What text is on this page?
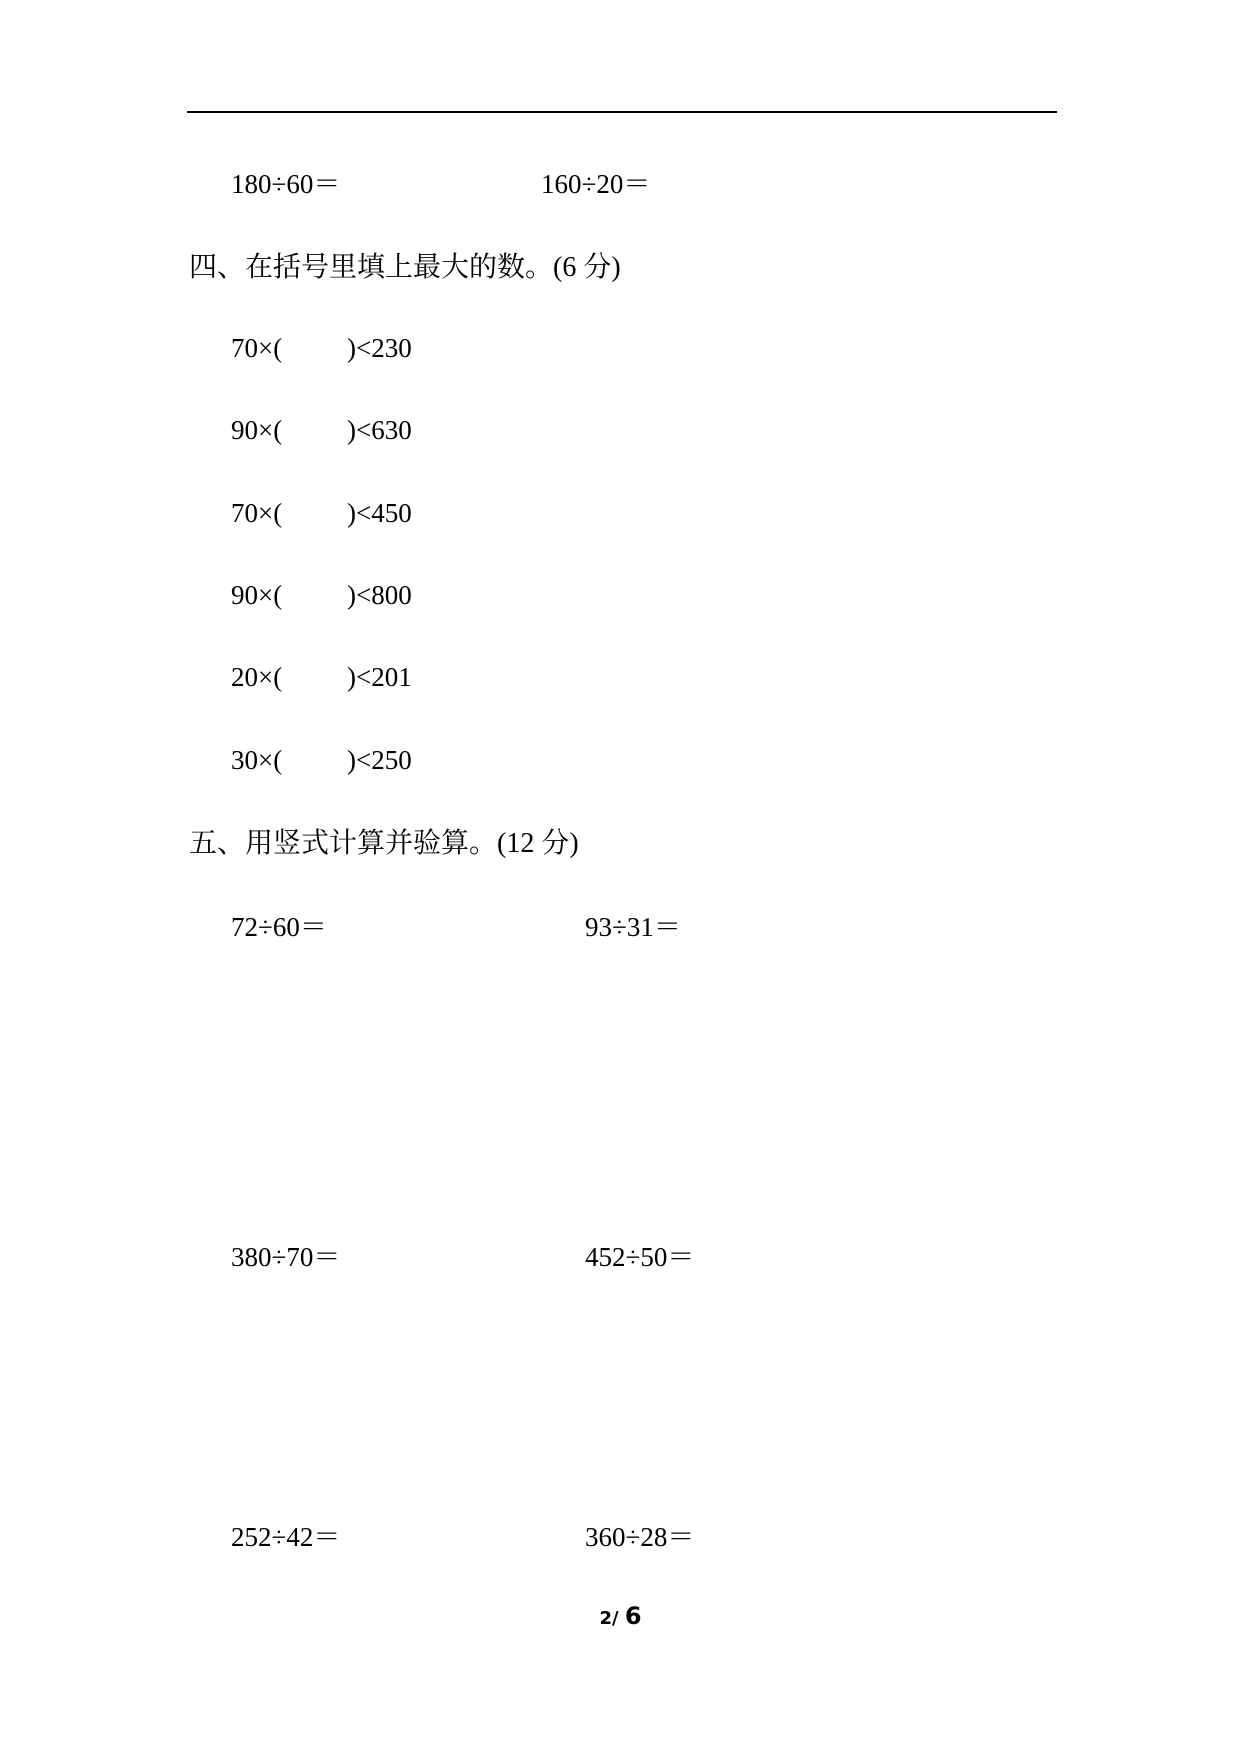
180÷60＝	160÷20＝
四、在括号里填上最大的数。(6 分)
70×( )<230
90×( )<630
70×( )<450
90×( )<800
20×( )<201
30×( )<250
五、用竖式计算并验算。(12 分)
72÷60＝	93÷31＝
380÷70＝	452÷50＝
252÷42＝	360÷28＝
2/ 6
